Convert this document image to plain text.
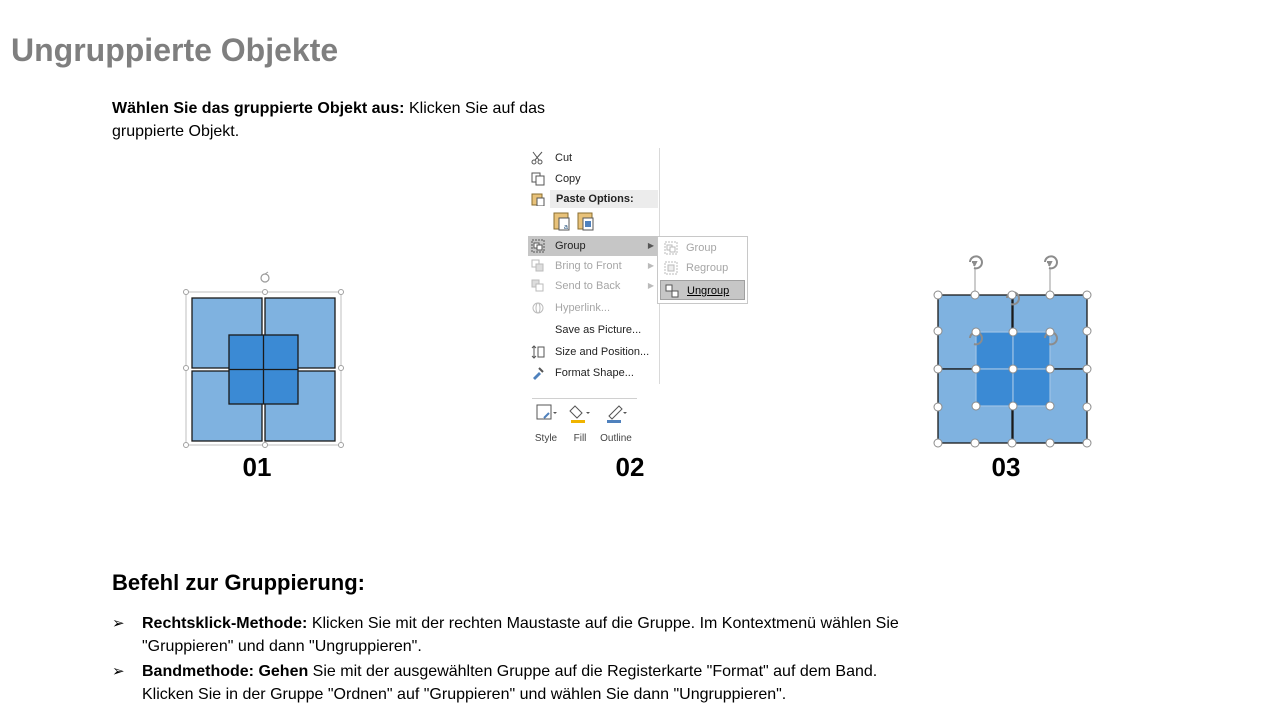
Ungruppierte Objekte
Wählen Sie das gruppierte Objekt aus: Klicken Sie auf das gruppierte Objekt.
01
Cut
Copy
Paste Options:
a
Group	▶
Bring to Front	▶
Send to Back	▶
Hyperlink...
Save as Picture...
Size and Position...
Format Shape...
Group
Regroup
Ungroup
Style	Fill	Outline
02	03
Befehl zur Gruppierung:
➢	Rechtsklick-Methode: Klicken Sie mit der rechten Maustaste auf die Gruppe. Im Kontextmenü wählen Sie
"Gruppieren" und dann "Ungruppieren".
➢	Bandmethode: Gehen Sie mit der ausgewählten Gruppe auf die Registerkarte "Format" auf dem Band.
Klicken Sie in der Gruppe "Ordnen" auf "Gruppieren" und wählen Sie dann "Ungruppieren".
